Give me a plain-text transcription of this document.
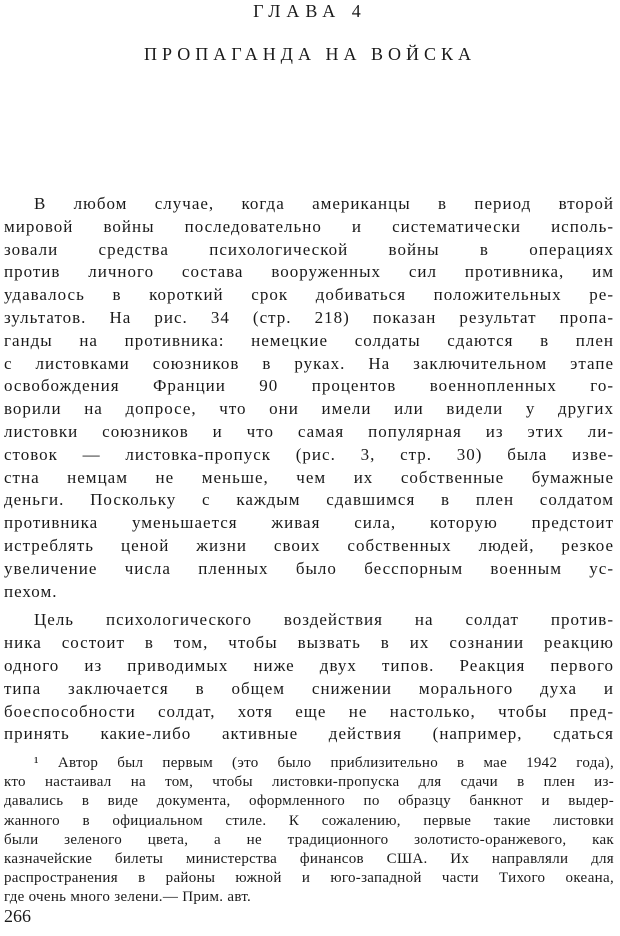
ГЛАВА 4
ПРОПАГАНДА НА ВОЙСКА
В любом случае, когда американцы в период второй
мировой войны последовательно и систематически исполь-
зовали средства психологической войны в операциях
против личного состава вооруженных сил противника, им
удавалось в короткий срок добиваться положительных ре-
зультатов. На рис. 34 (стр. 218) показан результат пропа-
ганды на противника: немецкие солдаты сдаются в плен
с листовками союзников в руках. На заключительном этапе
освобождения Франции 90 процентов военнопленных го-
ворили на допросе, что они имели или видели у других
листовки союзников и что самая популярная из этих ли-
стовок — листовка-пропуск (рис. 3, стр. 30) была изве-
стна немцам не меньше, чем их собственные бумажные
деньги. Поскольку с каждым сдавшимся в плен солдатом
противника уменьшается живая сила, которую предстоит
истреблять ценой жизни своих собственных людей, резкое
увеличение числа пленных было бесспорным военным ус-
пехом.
Цель психологического воздействия на солдат против-
ника состоит в том, чтобы вызвать в их сознании реакцию
одного из приводимых ниже двух типов. Реакция первого
типа заключается в общем снижении морального духа и
боеспособности солдат, хотя еще не настолько, чтобы пред-
принять какие-либо активные действия (например, сдаться
¹ Автор был первым (это было приблизительно в мае 1942 года),
кто настаивал на том, чтобы листовки-пропуска для сдачи в плен из-
давались в виде документа, оформленного по образцу банкнот и выдер-
жанного в официальном стиле. К сожалению, первые такие листовки
были зеленого цвета, а не традиционного золотисто-оранжевого, как
казначейские билеты министерства финансов США. Их направляли для
распространения в районы южной и юго-западной части Тихого океана,
где очень много зелени.— Прим. авт.
266
